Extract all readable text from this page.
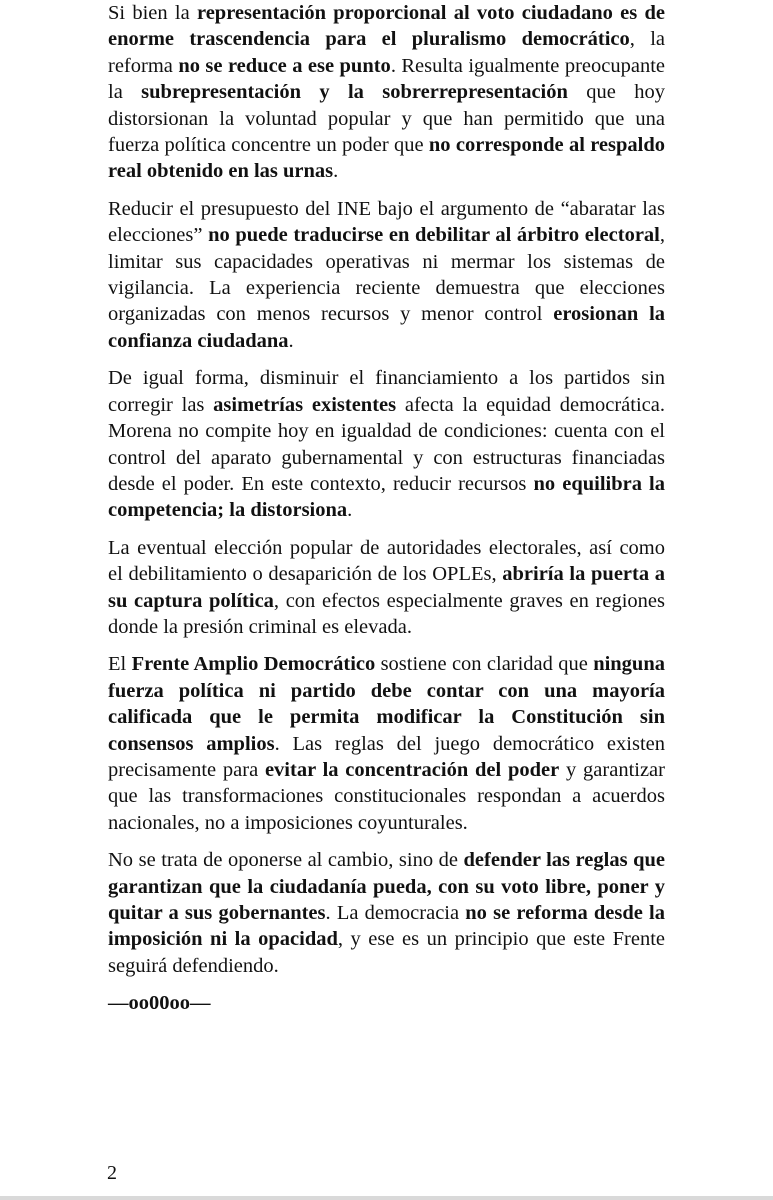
Si bien la representación proporcional al voto ciudadano es de enorme trascendencia para el pluralismo democrático, la reforma no se reduce a ese punto. Resulta igualmente preocupante la subrepresentación y la sobrerrepresentación que hoy distorsionan la voluntad popular y que han permitido que una fuerza política concentre un poder que no corresponde al respaldo real obtenido en las urnas.

Reducir el presupuesto del INE bajo el argumento de “abaratar las elecciones” no puede traducirse en debilitar al árbitro electoral, limitar sus capacidades operativas ni mermar los sistemas de vigilancia. La experiencia reciente demuestra que elecciones organizadas con menos recursos y menor control erosionan la confianza ciudadana.

De igual forma, disminuir el financiamiento a los partidos sin corregir las asimetrías existentes afecta la equidad democrática. Morena no compite hoy en igualdad de condiciones: cuenta con el control del aparato gubernamental y con estructuras financiadas desde el poder. En este contexto, reducir recursos no equilibra la competencia; la distorsiona.

La eventual elección popular de autoridades electorales, así como el debilitamiento o desaparición de los OPLEs, abriría la puerta a su captura política, con efectos especialmente graves en regiones donde la presión criminal es elevada.

El Frente Amplio Democrático sostiene con claridad que ninguna fuerza política ni partido debe contar con una mayoría calificada que le permita modificar la Constitución sin consensos amplios. Las reglas del juego democrático existen precisamente para evitar la concentración del poder y garantizar que las transformaciones constitucionales respondan a acuerdos nacionales, no a imposiciones coyunturales.

No se trata de oponerse al cambio, sino de defender las reglas que garantizan que la ciudadanía pueda, con su voto libre, poner y quitar a sus gobernantes. La democracia no se reforma desde la imposición ni la opacidad, y ese es un principio que este Frente seguirá defendiendo.

—oo00oo—

2
